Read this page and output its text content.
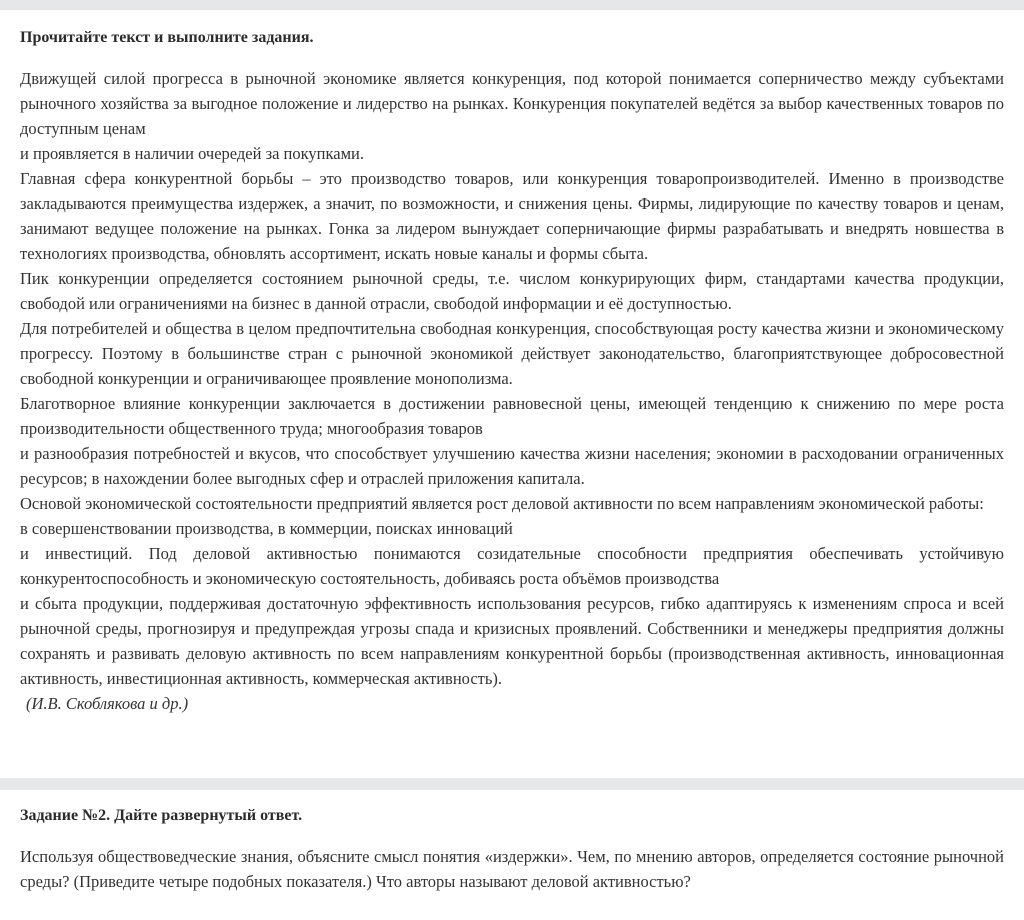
Прочитайте текст и выполните задания.

Движущей силой прогресса в рыночной экономике является конкуренция, под которой понимается соперничество между субъектами рыночного хозяйства за выгодное положение и лидерство на рынках. Конкуренция покупателей ведётся за выбор качественных товаров по доступным ценам

и проявляется в наличии очередей за покупками.

Главная сфера конкурентной борьбы – это производство товаров, или конкуренция товаропроизводителей. Именно в производстве закладываются преимущества издержек, а значит, по возможности, и снижения цены. Фирмы, лидирующие по качеству товаров и ценам, занимают ведущее положение на рынках. Гонка за лидером вынуждает соперничающие фирмы разрабатывать и внедрять новшества в технологиях производства, обновлять ассортимент, искать новые каналы и формы сбыта.

Пик конкуренции определяется состоянием рыночной среды, т.е. числом конкурирующих фирм, стандартами качества продукции, свободой или ограничениями на бизнес в данной отрасли, свободой информации и её доступностью.

Для потребителей и общества в целом предпочтительна свободная конкуренция, способствующая росту качества жизни и экономическому прогрессу. Поэтому в большинстве стран с рыночной экономикой действует законодательство, благоприятствующее добросовестной свободной конкуренции и ограничивающее проявление монополизма.

Благотворное влияние конкуренции заключается в достижении равновесной цены, имеющей тенденцию к снижению по мере роста производительности общественного труда; многообразия товаров

и разнообразия потребностей и вкусов, что способствует улучшению качества жизни населения; экономии в расходовании ограниченных ресурсов; в нахождении более выгодных сфер и отраслей приложения капитала.

Основой экономической состоятельности предприятий является рост деловой активности по всем направлениям экономической работы:

в совершенствовании производства, в коммерции, поисках инноваций

и инвестиций. Под деловой активностью понимаются созидательные способности предприятия обеспечивать устойчивую конкурентоспособность и экономическую состоятельность, добиваясь роста объёмов производства

и сбыта продукции, поддерживая достаточную эффективность использования ресурсов, гибко адаптируясь к изменениям спроса и всей рыночной среды, прогнозируя и предупреждая угрозы спада и кризисных проявлений. Собственники и менеджеры предприятия должны сохранять и развивать деловую активность по всем направлениям конкурентной борьбы (производственная активность, инновационная активность, инвестиционная активность, коммерческая активность).

(И.В. Скоблякова и др.)

Задание №2. Дайте развернутый ответ.

Используя обществоведческие знания, объясните смысл понятия «издержки». Чем, по мнению авторов, определяется состояние рыночной среды? (Приведите четыре подобных показателя.) Что авторы называют деловой активностью?
